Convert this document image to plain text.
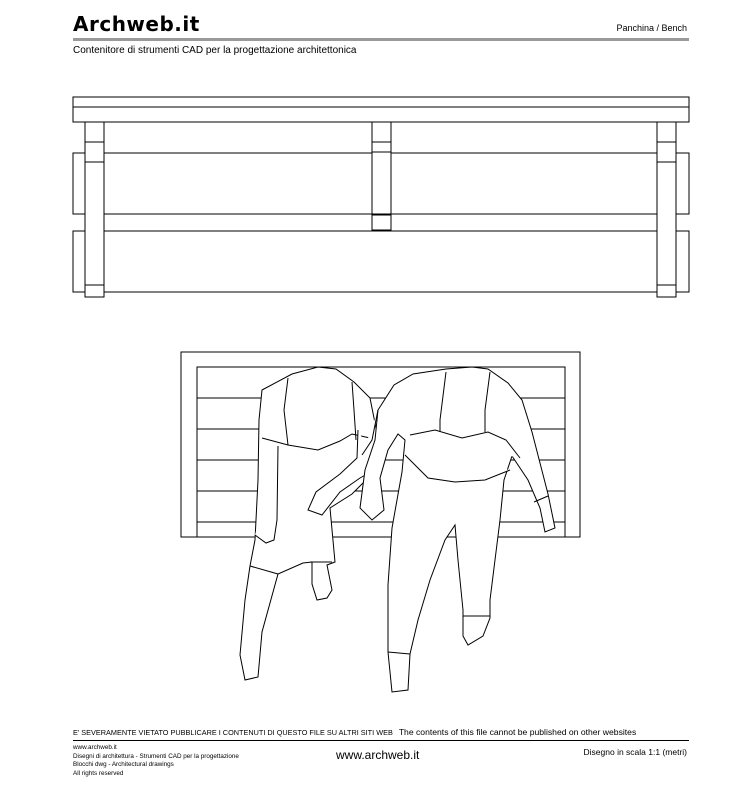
Archweb.it	Panchina / Bench
Contenitore di strumenti CAD per la progettazione architettonica
E' SEVERAMENTE VIETATO PUBBLICARE I CONTENUTI DI QUESTO FILE SU ALTRI SITI WEB The contents of this file cannot be published on other websites
www.archweb.it
Disegni di architettura - Strumenti CAD per la progettazione
Blocchi dwg - Architectural drawings
All rights reserved
www.archweb.it	Disegno in scala 1:1 (metri)
